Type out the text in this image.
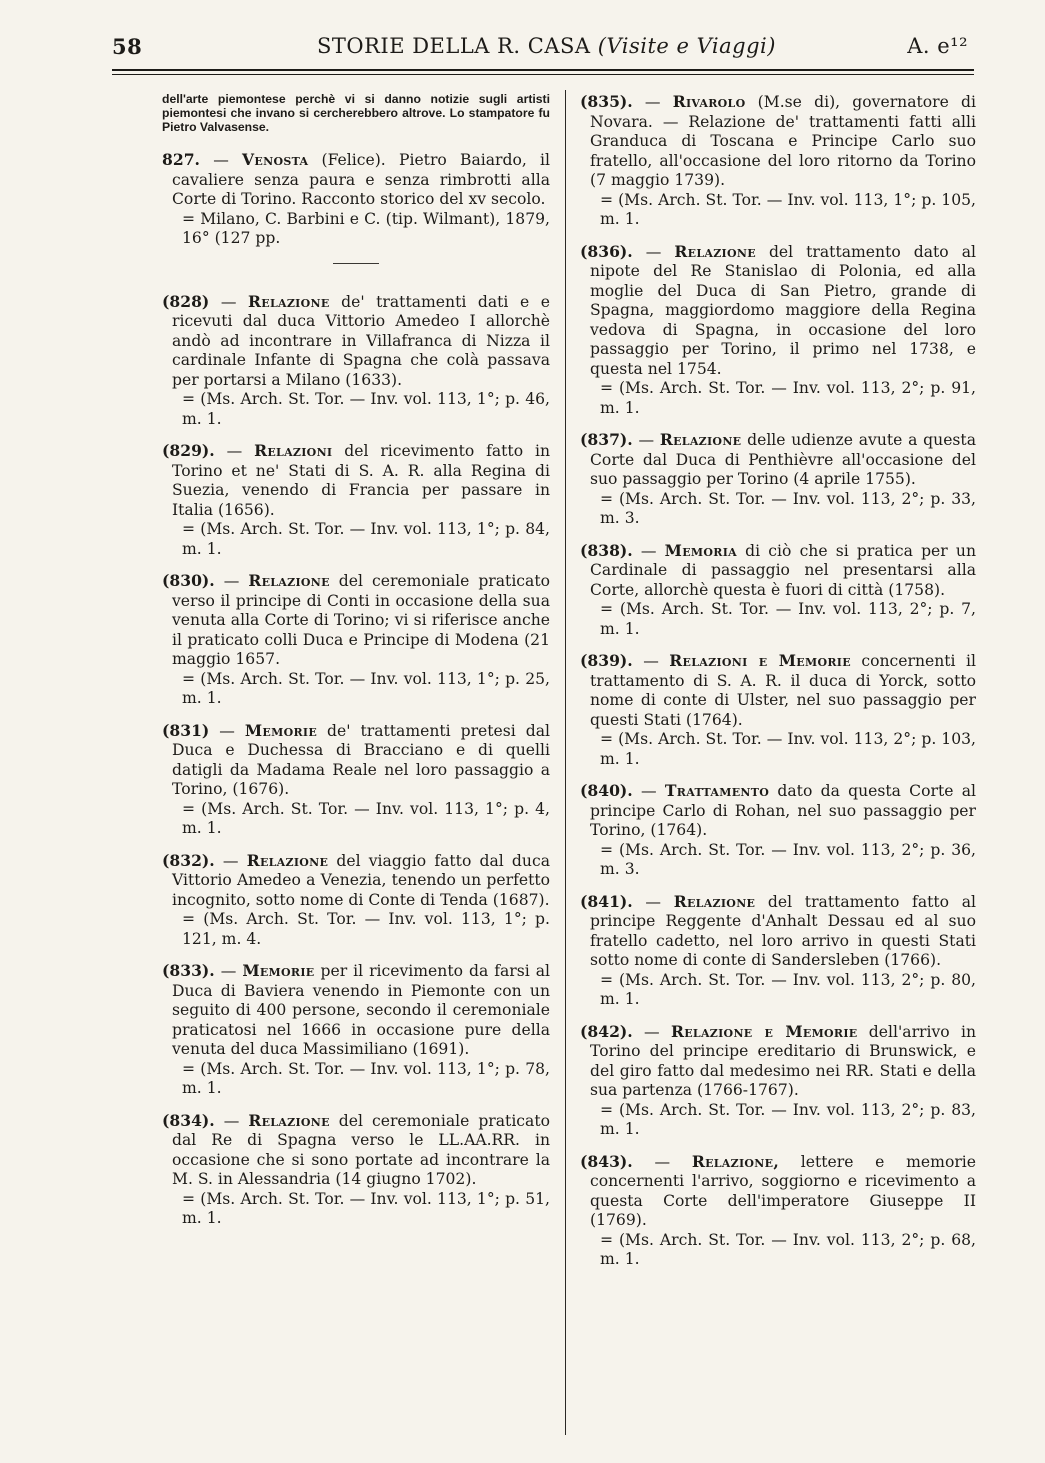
58	STORIE DELLA R. CASA (Visite e Viaggi)	A. e¹²
dell'arte piemontese perchè vi si danno notizie sugli artisti piemontesi che invano si cercherebbero altrove. Lo stampatore fu Pietro Valvasense.
827. — Venosta (Felice). Pietro Baiardo, il cavaliere senza paura e senza rimbrotti alla Corte di Torino. Racconto storico del xv secolo.
= Milano, C. Barbini e C. (tip. Wilmant), 1879, 16° (127 pp.
(828) — Relazione de' trattamenti dati e e ricevuti dal duca Vittorio Amedeo I allorchè andò ad incontrare in Villafranca di Nizza il cardinale Infante di Spagna che colà passava per portarsi a Milano (1633).
= (Ms. Arch. St. Tor. — Inv. vol. 113, 1°; p. 46, m. 1.
(829). — Relazioni del ricevimento fatto in Torino et ne' Stati di S. A. R. alla Regina di Suezia, venendo di Francia per passare in Italia (1656).
= (Ms. Arch. St. Tor. — Inv. vol. 113, 1°; p. 84, m. 1.
(830). — Relazione del ceremoniale praticato verso il principe di Conti in occasione della sua venuta alla Corte di Torino; vi si riferisce anche il praticato colli Duca e Principe di Modena (21 maggio 1657.
= (Ms. Arch. St. Tor. — Inv. vol. 113, 1°; p. 25, m. 1.
(831) — Memorie de' trattamenti pretesi dal Duca e Duchessa di Bracciano e di quelli datigli da Madama Reale nel loro passaggio a Torino, (1676).
= (Ms. Arch. St. Tor. — Inv. vol. 113, 1°; p. 4, m. 1.
(832). — Relazione del viaggio fatto dal duca Vittorio Amedeo a Venezia, tenendo un perfetto incognito, sotto nome di Conte di Tenda (1687).
= (Ms. Arch. St. Tor. — Inv. vol. 113, 1°; p. 121, m. 4.
(833). — Memorie per il ricevimento da farsi al Duca di Baviera venendo in Piemonte con un seguito di 400 persone, secondo il ceremoniale praticatosi nel 1666 in occasione pure della venuta del duca Massimiliano (1691).
= (Ms. Arch. St. Tor. — Inv. vol. 113, 1°; p. 78, m. 1.
(834). — Relazione del ceremoniale praticato dal Re di Spagna verso le LL.AA.RR. in occasione che si sono portate ad incontrare la M. S. in Alessandria (14 giugno 1702).
= (Ms. Arch. St. Tor. — Inv. vol. 113, 1°; p. 51, m. 1.
(835). — Rivarolo (M.se di), governatore di Novara. — Relazione de' trattamenti fatti alli Granduca di Toscana e Principe Carlo suo fratello, all'occasione del loro ritorno da Torino (7 maggio 1739).
= (Ms. Arch. St. Tor. — Inv. vol. 113, 1°; p. 105, m. 1.
(836). — Relazione del trattamento dato al nipote del Re Stanislao di Polonia, ed alla moglie del Duca di San Pietro, grande di Spagna, maggiordomo maggiore della Regina vedova di Spagna, in occasione del loro passaggio per Torino, il primo nel 1738, e questa nel 1754.
= (Ms. Arch. St. Tor. — Inv. vol. 113, 2°; p. 91, m. 1.
(837). — Relazione delle udienze avute a questa Corte dal Duca di Penthièvre all'occasione del suo passaggio per Torino (4 aprile 1755).
= (Ms. Arch. St. Tor. — Inv. vol. 113, 2°; p. 33, m. 3.
(838). — Memoria di ciò che si pratica per un Cardinale di passaggio nel presentarsi alla Corte, allorchè questa è fuori di città (1758).
= (Ms. Arch. St. Tor. — Inv. vol. 113, 2°; p. 7, m. 1.
(839). — Relazioni e Memorie concernenti il trattamento di S. A. R. il duca di Yorck, sotto nome di conte di Ulster, nel suo passaggio per questi Stati (1764).
= (Ms. Arch. St. Tor. — Inv. vol. 113, 2°; p. 103, m. 1.
(840). — Trattamento dato da questa Corte al principe Carlo di Rohan, nel suo passaggio per Torino, (1764).
= (Ms. Arch. St. Tor. — Inv. vol. 113, 2°; p. 36, m. 3.
(841). — Relazione del trattamento fatto al principe Reggente d'Anhalt Dessau ed al suo fratello cadetto, nel loro arrivo in questi Stati sotto nome di conte di Sandersleben (1766).
= (Ms. Arch. St. Tor. — Inv. vol. 113, 2°; p. 80, m. 1.
(842). — Relazione e Memorie dell'arrivo in Torino del principe ereditario di Brunswick, e del giro fatto dal medesimo nei RR. Stati e della sua partenza (1766-1767).
= (Ms. Arch. St. Tor. — Inv. vol. 113, 2°; p. 83, m. 1.
(843). — Relazione, lettere e memorie concernenti l'arrivo, soggiorno e ricevimento a questa Corte dell'imperatore Giuseppe II (1769).
= (Ms. Arch. St. Tor. — Inv. vol. 113, 2°; p. 68, m. 1.
